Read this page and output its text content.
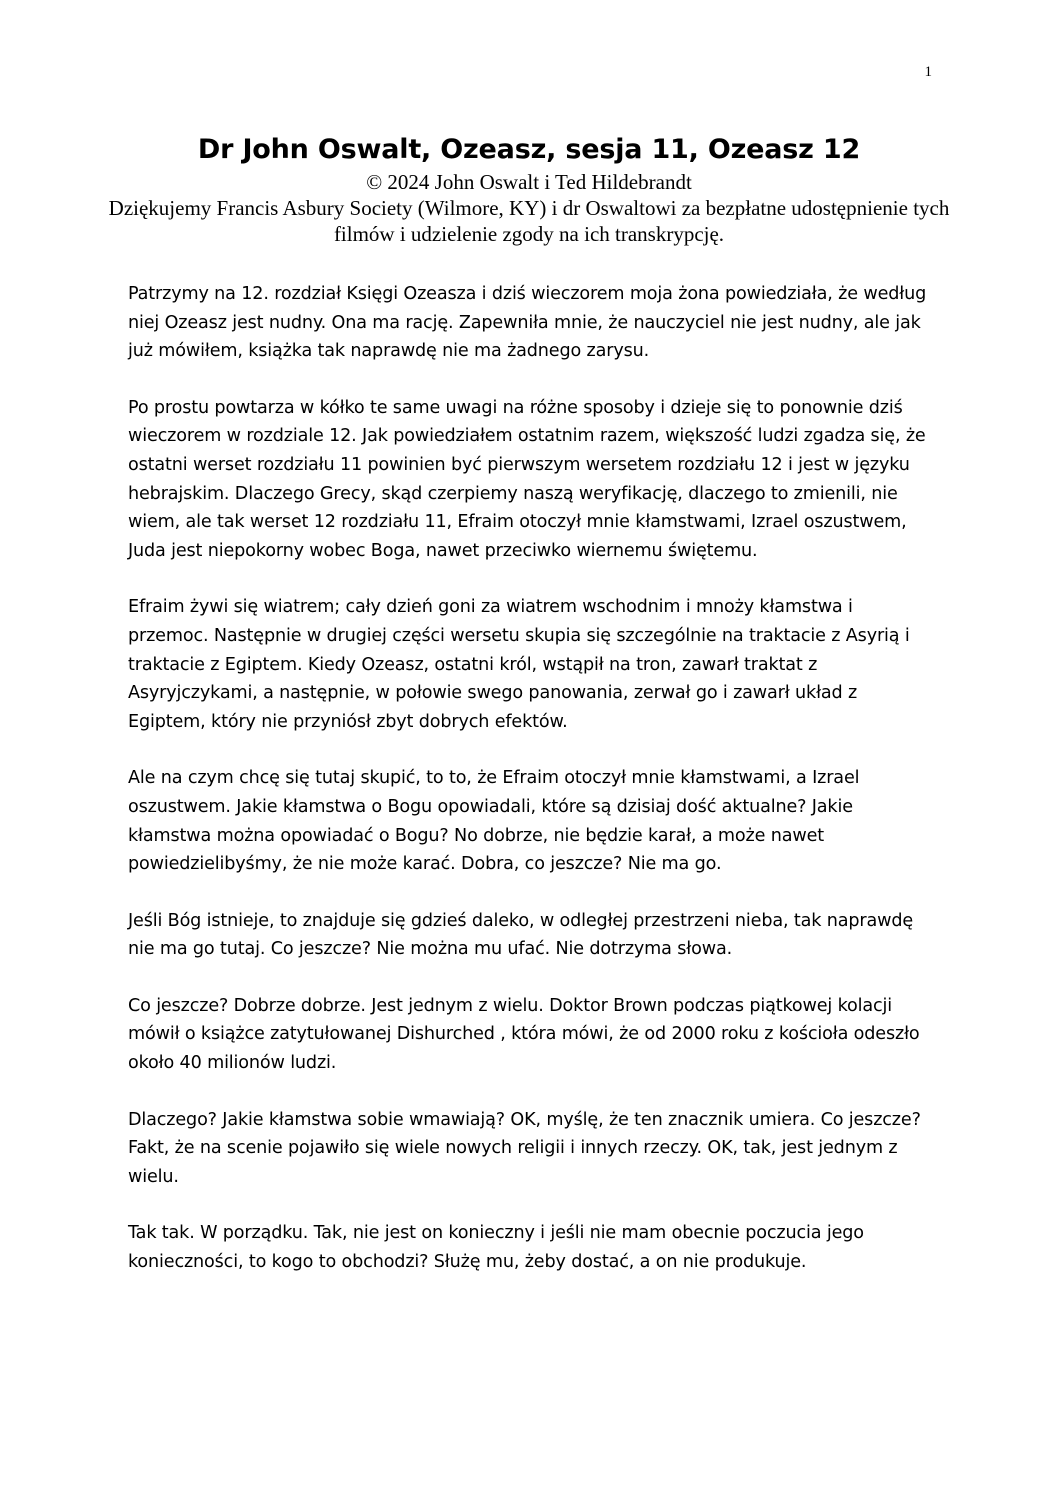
1
Dr John Oswalt, Ozeasz, sesja 11, Ozeasz 12

© 2024 John Oswalt i Ted Hildebrandt

Dziękujemy Francis Asbury Society (Wilmore, KY) i dr Oswaltowi za bezpłatne udostępnienie tych filmów i udzielenie zgody na ich transkrypcję.

Patrzymy na 12. rozdział Księgi Ozeasza i dziś wieczorem moja żona powiedziała, że według niej Ozeasz jest nudny. Ona ma rację. Zapewniła mnie, że nauczyciel nie jest nudny, ale jak już mówiłem, książka tak naprawdę nie ma żadnego zarysu.

Po prostu powtarza w kółko te same uwagi na różne sposoby i dzieje się to ponownie dziś wieczorem w rozdziale 12. Jak powiedziałem ostatnim razem, większość ludzi zgadza się, że ostatni werset rozdziału 11 powinien być pierwszym wersetem rozdziału 12 i jest w języku hebrajskim. Dlaczego Grecy, skąd czerpiemy naszą weryfikację, dlaczego to zmienili, nie wiem, ale tak werset 12 rozdziału 11, Efraim otoczył mnie kłamstwami, Izrael oszustwem, Juda jest niepokorny wobec Boga, nawet przeciwko wiernemu świętemu.

Efraim żywi się wiatrem; cały dzień goni za wiatrem wschodnim i mnoży kłamstwa i przemoc. Następnie w drugiej części wersetu skupia się szczególnie na traktacie z Asyrią i traktacie z Egiptem. Kiedy Ozeasz, ostatni król, wstąpił na tron, zawarł traktat z Asyryjczykami, a następnie, w połowie swego panowania, zerwał go i zawarł układ z Egiptem, który nie przyniósł zbyt dobrych efektów.

Ale na czym chcę się tutaj skupić, to to, że Efraim otoczył mnie kłamstwami, a Izrael oszustwem. Jakie kłamstwa o Bogu opowiadali, które są dzisiaj dość aktualne? Jakie kłamstwa można opowiadać o Bogu? No dobrze, nie będzie karał, a może nawet powiedzielibyśmy, że nie może karać. Dobra, co jeszcze? Nie ma go.

Jeśli Bóg istnieje, to znajduje się gdzieś daleko, w odległej przestrzeni nieba, tak naprawdę nie ma go tutaj. Co jeszcze? Nie można mu ufać. Nie dotrzyma słowa.

Co jeszcze? Dobrze dobrze. Jest jednym z wielu. Doktor Brown podczas piątkowej kolacji mówił o książce zatytułowanej Dishurched , która mówi, że od 2000 roku z kościoła odeszło około 40 milionów ludzi.

Dlaczego? Jakie kłamstwa sobie wmawiają? OK, myślę, że ten znacznik umiera. Co jeszcze? Fakt, że na scenie pojawiło się wiele nowych religii i innych rzeczy. OK, tak, jest jednym z wielu.

Tak tak. W porządku. Tak, nie jest on konieczny i jeśli nie mam obecnie poczucia jego konieczności, to kogo to obchodzi? Służę mu, żeby dostać, a on nie produkuje.
